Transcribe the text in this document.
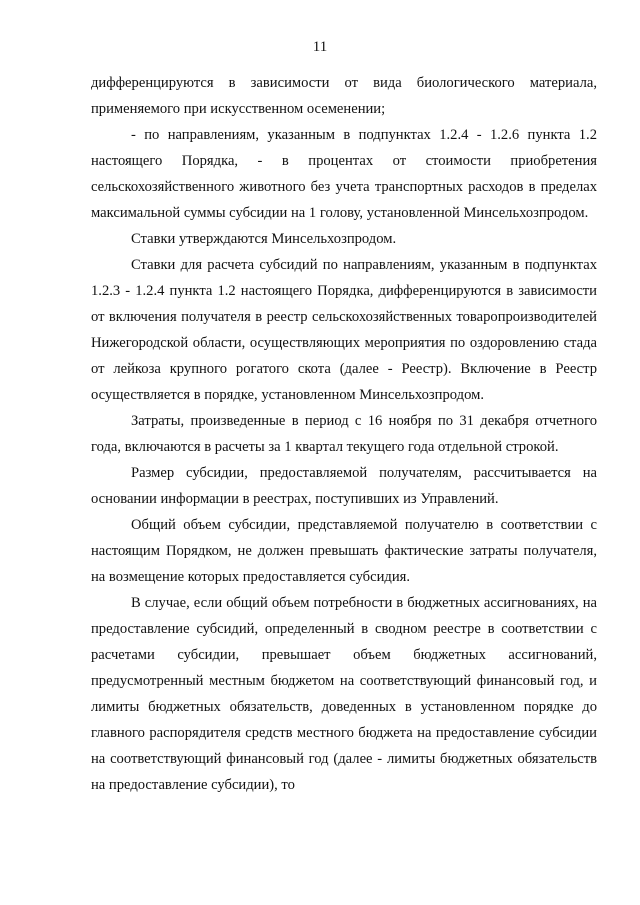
11

дифференцируются в зависимости от вида биологического материала, применяемого при искусственном осеменении;

- по направлениям, указанным в подпунктах 1.2.4 - 1.2.6 пункта 1.2 настоящего Порядка, - в процентах от стоимости приобретения сельскохозяйственного животного без учета транспортных расходов в пределах максимальной суммы субсидии на 1 голову, установленной Минсельхозпродом.

Ставки утверждаются Минсельхозпродом.

Ставки для расчета субсидий по направлениям, указанным в подпунктах 1.2.3 - 1.2.4 пункта 1.2 настоящего Порядка, дифференцируются в зависимости от включения получателя в реестр сельскохозяйственных товаропроизводителей Нижегородской области, осуществляющих мероприятия по оздоровлению стада от лейкоза крупного рогатого скота (далее - Реестр). Включение в Реестр осуществляется в порядке, установленном Минсельхозпродом.

Затраты, произведенные в период с 16 ноября по 31 декабря отчетного года, включаются в расчеты за 1 квартал текущего года отдельной строкой.

Размер субсидии, предоставляемой получателям, рассчитывается на основании информации в реестрах, поступивших из Управлений.

Общий объем субсидии, представляемой получателю в соответствии с настоящим Порядком, не должен превышать фактические затраты получателя, на возмещение которых предоставляется субсидия.

В случае, если общий объем потребности в бюджетных ассигнованиях, на предоставление субсидий, определенный в сводном реестре в соответствии с расчетами субсидии, превышает объем бюджетных ассигнований, предусмотренный местным бюджетом на соответствующий финансовый год, и лимиты бюджетных обязательств, доведенных в установленном порядке до главного распорядителя средств местного бюджета на предоставление субсидии на соответствующий финансовый год (далее - лимиты бюджетных обязательств на предоставление субсидии), то
